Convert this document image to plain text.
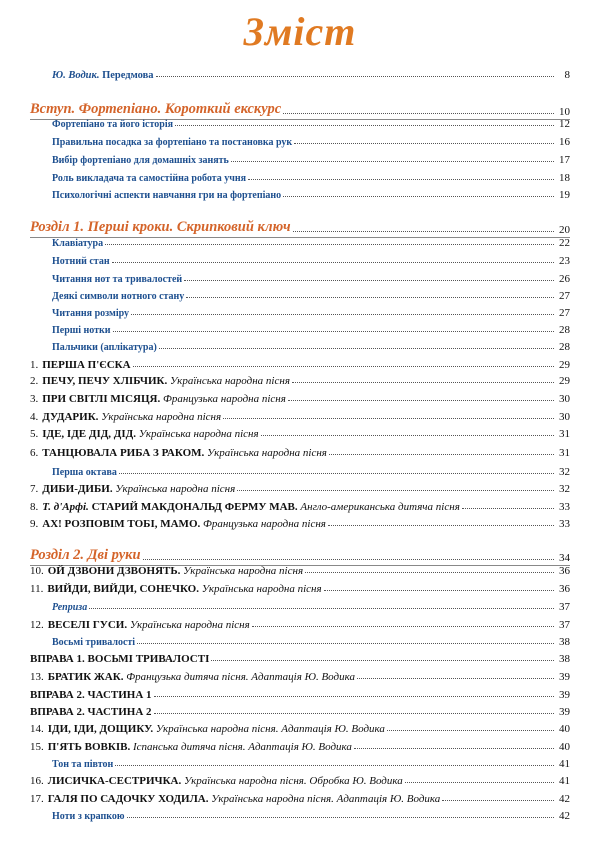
Зміст
Ю. Водик. Передмова	8
Вступ. Фортепіано. Короткий екскурс	10
Фортепіано та його історія	12
Правильна посадка за фортепіано та постановка рук	16
Вибір фортепіано для домашніх занять	17
Роль викладача та самостійна робота учня	18
Психологічні аспекти навчання гри на фортепіано	19
Розділ 1. Перші кроки. Скрипковий ключ	20
Клавіатура	22
Нотний стан	23
Читання нот та тривалостей	26
Деякі символи нотного стану	27
Читання розміру	27
Перші нотки	28
Пальчики (аплікатура)	28
1. ПЕРША П'ЄСКА	29
2. ПЕЧУ, ПЕЧУ ХЛІБЧИК. Українська народна пісня	29
3. ПРИ СВІТЛІ МІСЯЦЯ. Французька народна пісня	30
4. ДУДАРИК. Українська народна пісня	30
5. ІДЕ, ІДЕ ДІД, ДІД. Українська народна пісня	31
6. ТАНЦЮВАЛА РИБА З РАКОМ. Українська народна пісня	31
Перша октава	32
7. ДИБИ-ДИБИ. Українська народна пісня	32
8. Т. д'Арфі. СТАРИЙ МАКДОНАЛЬД ФЕРМУ МАВ. Англо-американська дитяча пісня	33
9. АХ! РОЗПОВІМ ТОБІ, МАМО. Французька народна пісня	33
Розділ 2. Дві руки	34
10. ОЙ ДЗВОНИ ДЗВОНЯТЬ. Українська народна пісня	36
11. ВИЙДИ, ВИЙДИ, СОНЕЧКО. Українська народна пісня	36
Реприза	37
12. ВЕСЕЛІ ГУСИ. Українська народна пісня	37
Восьмі тривалості	38
ВПРАВА 1. ВОСЬМІ ТРИВАЛОСТІ	38
13. БРАТИК ЖАК. Французька дитяча пісня. Адаптація Ю. Водика	39
ВПРАВА 2. ЧАСТИНА 1	39
ВПРАВА 2. ЧАСТИНА 2	39
14. ІДИ, ІДИ, ДОЩИКУ. Українська народна пісня. Адаптація Ю. Водика	40
15. П'ЯТЬ ВОВКІВ. Іспанська дитяча пісня. Адаптація Ю. Водика	40
Тон та півтон	41
16. ЛИСИЧКА-СЕСТРИЧКА. Українська народна пісня. Обробка Ю. Водика	41
17. ГАЛЯ ПО САДОЧКУ ХОДИЛА. Українська народна пісня. Адаптація Ю. Водика	42
Ноти з крапкою	42
